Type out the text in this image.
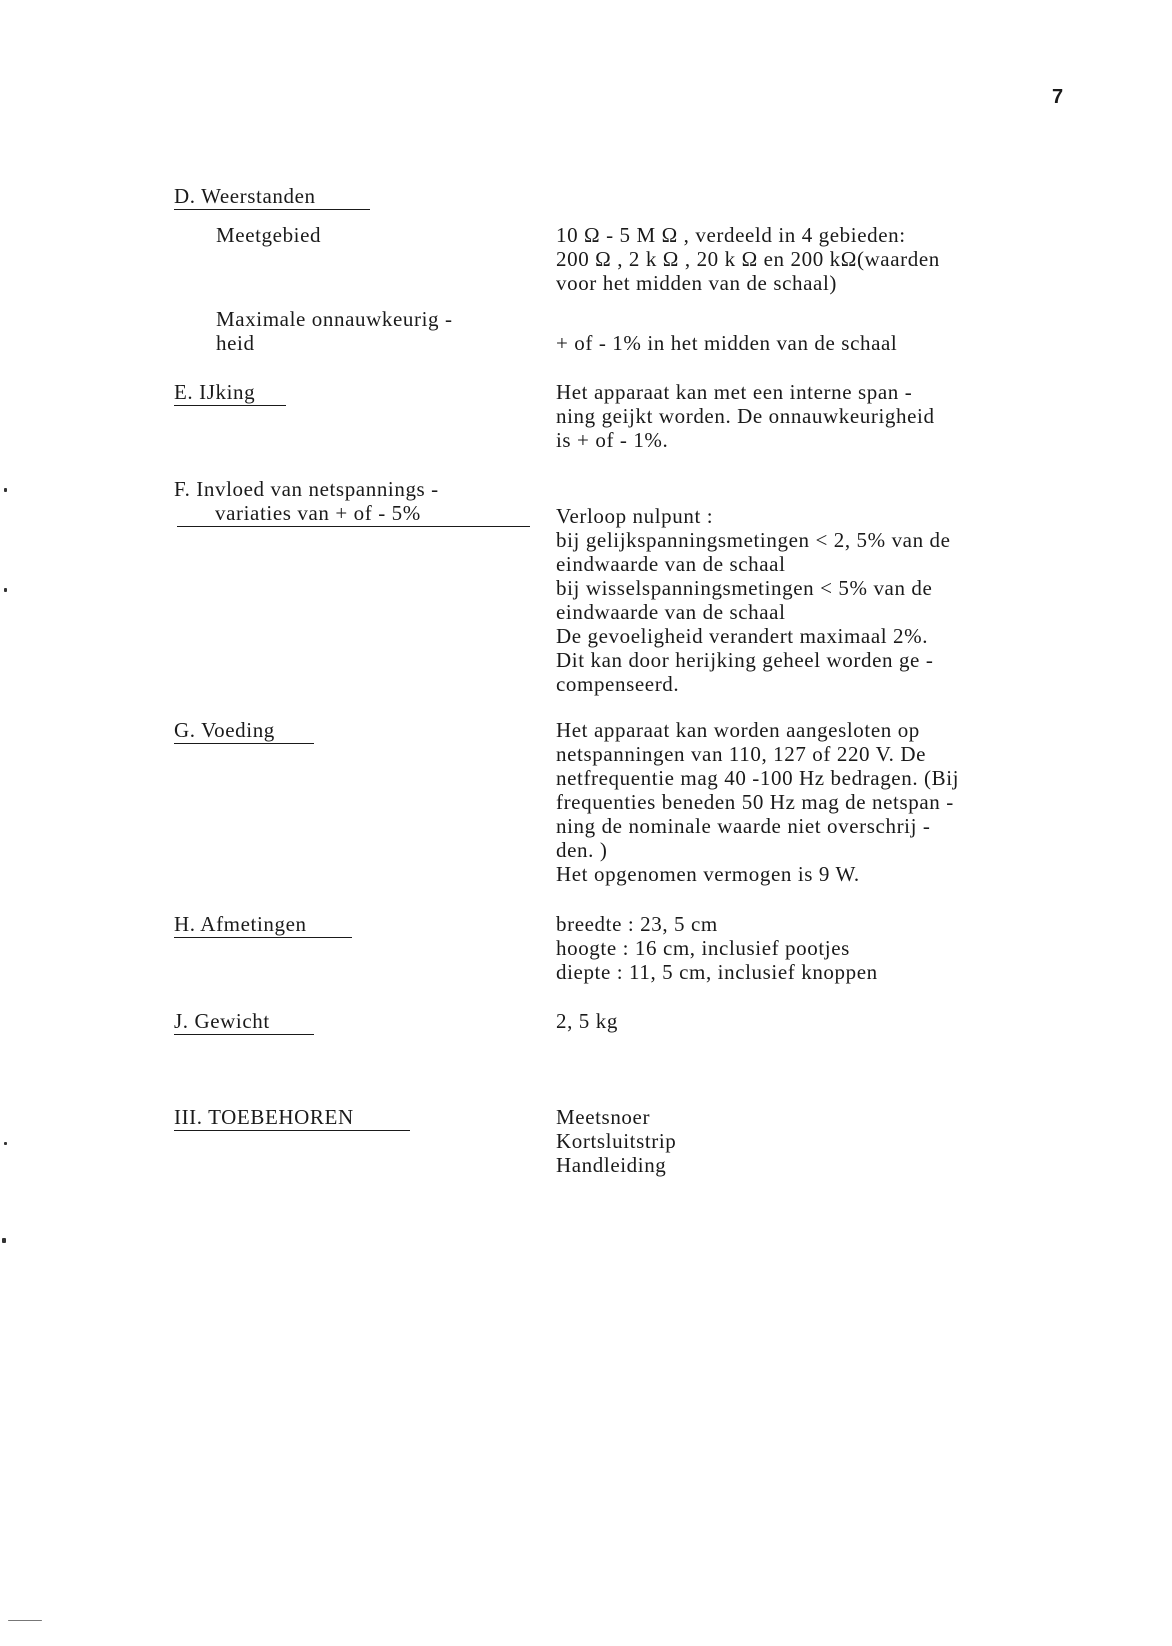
7
D. Weerstanden
Meetgebied	10 Ω - 5 M Ω , verdeeld in 4 gebieden:
200 Ω , 2 k Ω , 20 k Ω en 200 kΩ(waarden
voor het midden van de schaal)
Maximale onnauwkeurig -
heid	+ of - 1% in het midden van de schaal
E. IJking	Het apparaat kan met een interne span -
ning geijkt worden. De onnauwkeurigheid
is + of - 1%.
F. Invloed van netspannings -
variaties van + of - 5%	Verloop nulpunt :
bij gelijkspanningsmetingen < 2, 5% van de
eindwaarde van de schaal
bij wisselspanningsmetingen < 5% van de
eindwaarde van de schaal
De gevoeligheid verandert maximaal 2%.
Dit kan door herijking geheel worden ge -
compenseerd.
G. Voeding	Het apparaat kan worden aangesloten op
netspanningen van 110, 127 of 220 V. De
netfrequentie mag 40 -100 Hz bedragen. (Bij
frequenties beneden 50 Hz mag de netspan -
ning de nominale waarde niet overschrij -
den. )
Het opgenomen vermogen is 9 W.
H. Afmetingen	breedte : 23, 5 cm
hoogte : 16 cm, inclusief pootjes
diepte : 11, 5 cm, inclusief knoppen
J. Gewicht	2, 5 kg
III. TOEBEHOREN	Meetsnoer
Kortsluitstrip
Handleiding
